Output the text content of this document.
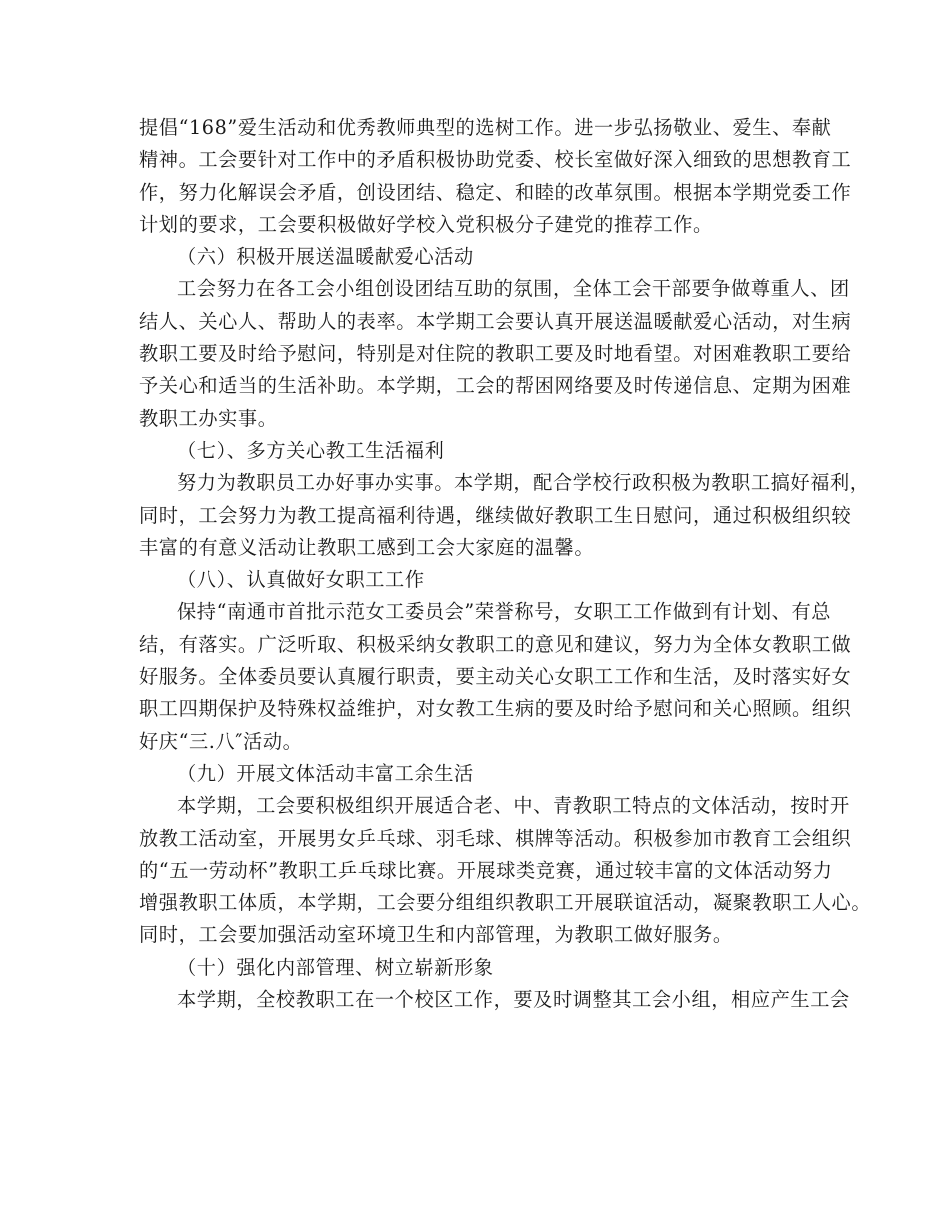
提倡“168”爱生活动和优秀教师典型的选树工作。进一步弘扬敬业、爱生、奉献
精神。工会要针对工作中的矛盾积极协助党委、校长室做好深入细致的思想教育工
作，努力化解误会矛盾，创设团结、稳定、和睦的改革氛围。根据本学期党委工作
计划的要求，工会要积极做好学校入党积极分子建党的推荐工作。
（六）积极开展送温暖献爱心活动
工会努力在各工会小组创设团结互助的氛围，全体工会干部要争做尊重人、团
结人、关心人、帮助人的表率。本学期工会要认真开展送温暖献爱心活动，对生病
教职工要及时给予慰问，特别是对住院的教职工要及时地看望。对困难教职工要给
予关心和适当的生活补助。本学期，工会的帮困网络要及时传递信息、定期为困难
教职工办实事。
（七）、多方关心教工生活福利
努力为教职员工办好事办实事。本学期，配合学校行政积极为教职工搞好福利，
同时，工会努力为教工提高福利待遇，继续做好教职工生日慰问，通过积极组织较
丰富的有意义活动让教职工感到工会大家庭的温馨。
（八）、认真做好女职工工作
保持“南通市首批示范女工委员会”荣誉称号，女职工工作做到有计划、有总
结，有落实。广泛听取、积极采纳女教职工的意见和建议，努力为全体女教职工做
好服务。全体委员要认真履行职责，要主动关心女职工工作和生活，及时落实好女
职工四期保护及特殊权益维护，对女教工生病的要及时给予慰问和关心照顾。组织
好庆“三.八″活动。
（九）开展文体活动丰富工余生活
本学期，工会要积极组织开展适合老、中、青教职工特点的文体活动，按时开
放教工活动室，开展男女乒乓球、羽毛球、棋牌等活动。积极参加市教育工会组织
的“五一劳动杯”教职工乒乓球比赛。开展球类竞赛，通过较丰富的文体活动努力
增强教职工体质，本学期，工会要分组组织教职工开展联谊活动，凝聚教职工人心。
同时，工会要加强活动室环境卫生和内部管理，为教职工做好服务。
（十）强化内部管理、树立崭新形象
本学期，全校教职工在一个校区工作，要及时调整其工会小组，相应产生工会
